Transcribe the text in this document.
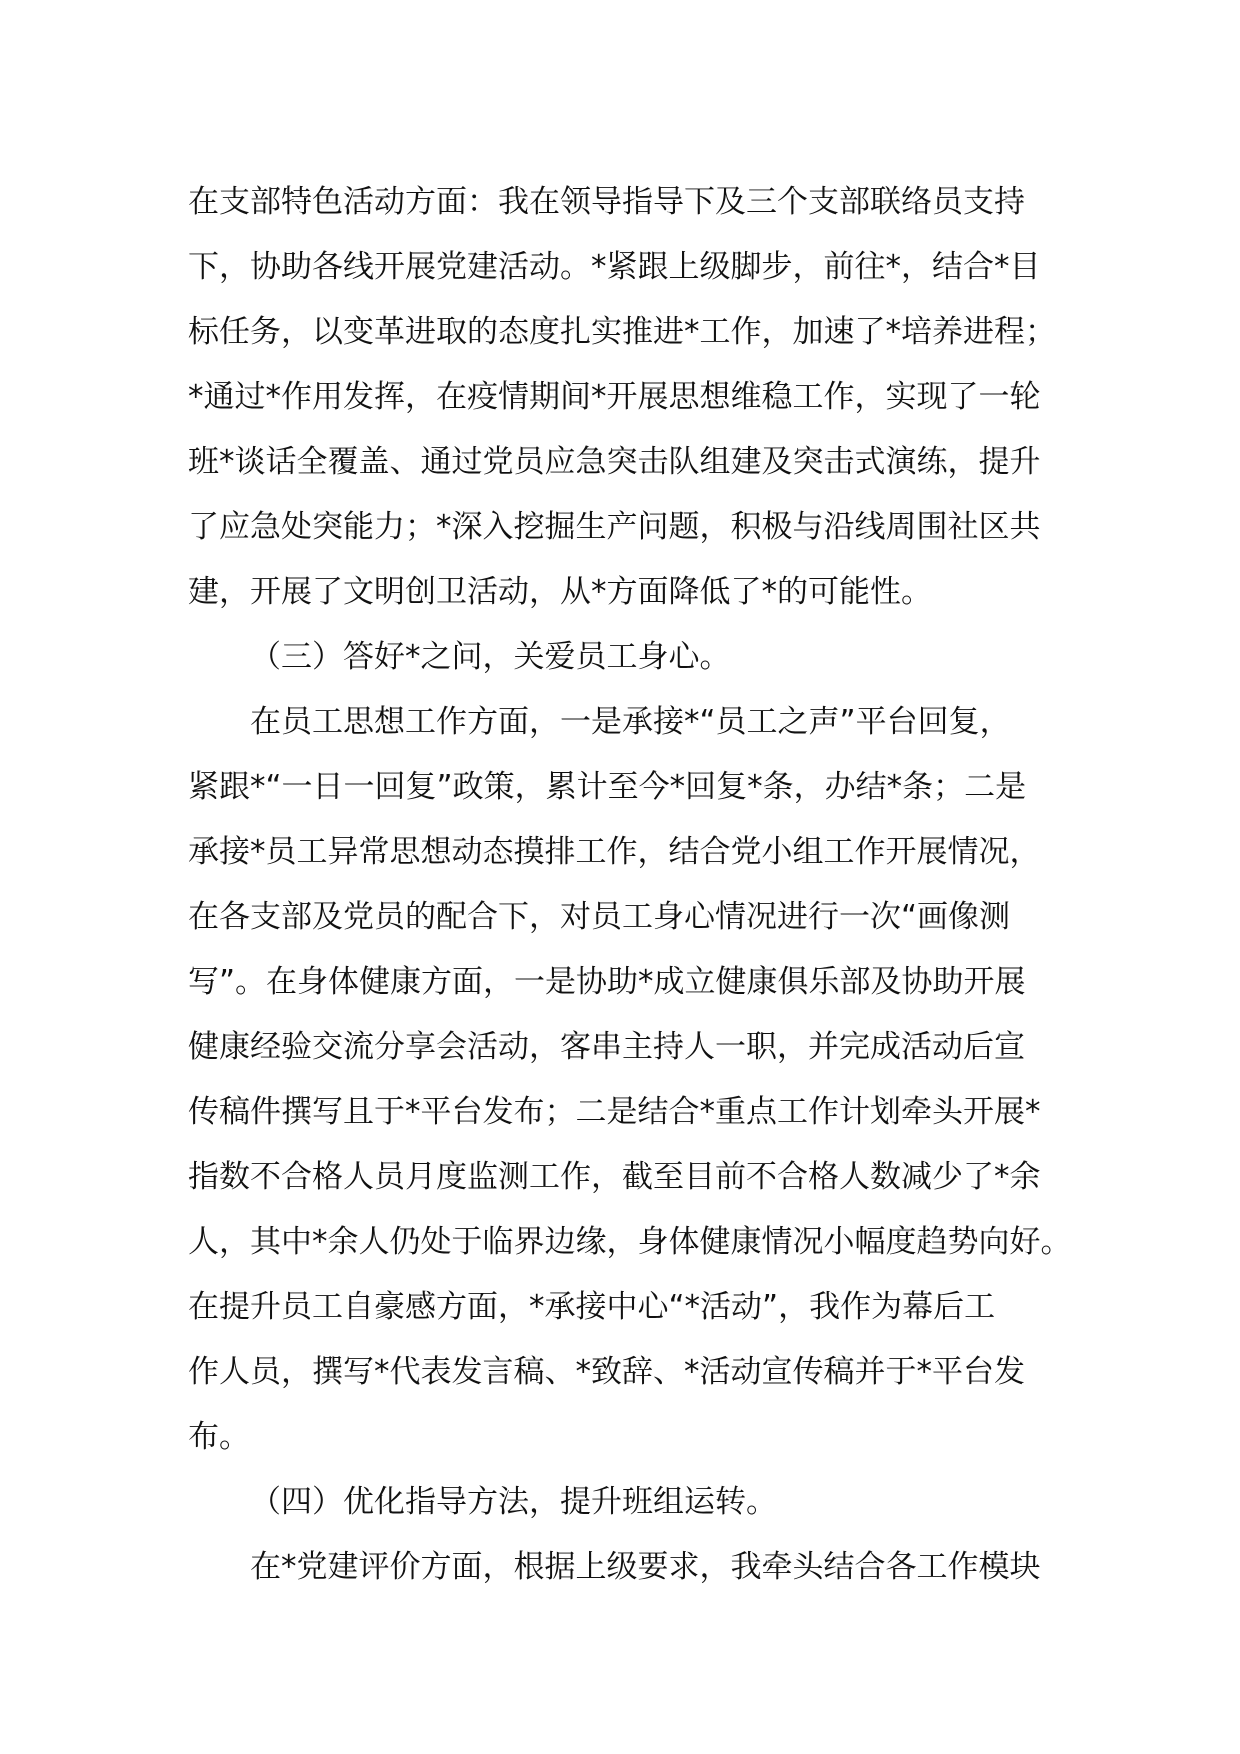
在支部特色活动方面：我在领导指导下及三个支部联络员支持
下，协助各线开展党建活动。*紧跟上级脚步，前往*，结合*目
标任务，以变革进取的态度扎实推进*工作，加速了*培养进程；
*通过*作用发挥，在疫情期间*开展思想维稳工作，实现了一轮
班*谈话全覆盖、通过党员应急突击队组建及突击式演练，提升
了应急处突能力；*深入挖掘生产问题，积极与沿线周围社区共
建，开展了文明创卫活动，从*方面降低了*的可能性。
（三）答好*之问，关爱员工身心。
在员工思想工作方面，一是承接*“员工之声”平台回复，
紧跟*“一日一回复”政策，累计至今*回复*条，办结*条；二是
承接*员工异常思想动态摸排工作，结合党小组工作开展情况，
在各支部及党员的配合下，对员工身心情况进行一次“画像测
写”。在身体健康方面，一是协助*成立健康俱乐部及协助开展
健康经验交流分享会活动，客串主持人一职，并完成活动后宣
传稿件撰写且于*平台发布；二是结合*重点工作计划牵头开展*
指数不合格人员月度监测工作，截至目前不合格人数减少了*余
人，其中*余人仍处于临界边缘，身体健康情况小幅度趋势向好。
在提升员工自豪感方面，*承接中心“*活动”，我作为幕后工
作人员，撰写*代表发言稿、*致辞、*活动宣传稿并于*平台发
布。
（四）优化指导方法，提升班组运转。
在*党建评价方面，根据上级要求，我牵头结合各工作模块
